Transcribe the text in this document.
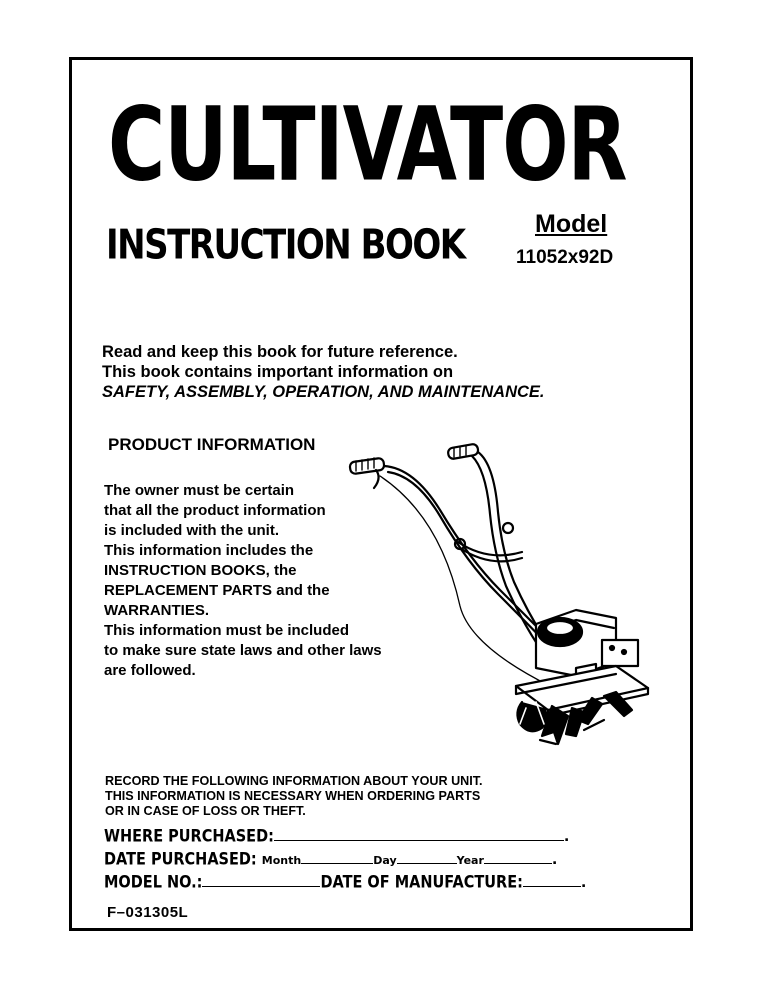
CULTIVATOR
INSTRUCTION BOOK	Model
11052x92D
Read and keep this book for future reference.
This book contains important information on
SAFETY, ASSEMBLY, OPERATION, AND MAINTENANCE.
PRODUCT INFORMATION
The owner must be certain
that all the product information
is included with the unit.
This information includes the
INSTRUCTION BOOKS, the
REPLACEMENT PARTS and the
WARRANTIES.
This information must be included
to make sure state laws and other laws
are followed.
RECORD THE FOLLOWING INFORMATION ABOUT YOUR UNIT.
THIS INFORMATION IS NECESSARY WHEN ORDERING PARTS
OR IN CASE OF LOSS OR THEFT.
WHERE PURCHASED:	.
DATE PURCHASED: Month	Day	Year	.
MODEL NO.:	DATE OF MANUFACTURE:	.
F–031305L
